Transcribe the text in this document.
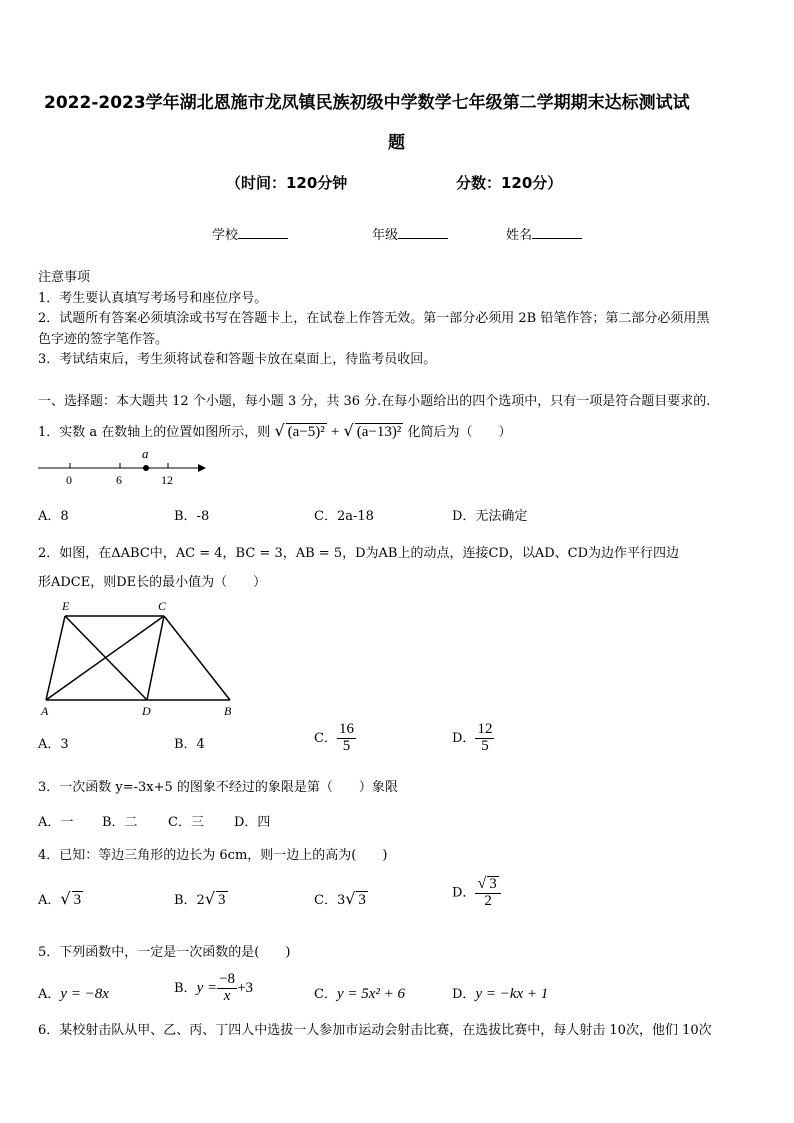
2022-2023学年湖北恩施市龙凤镇民族初级中学数学七年级第二学期期末达标测试试
题
（时间：120分钟	分数：120分）
学校	年级	姓名
注意事项
1．考生要认真填写考场号和座位序号。
2．试题所有答案必须填涂或书写在答题卡上，在试卷上作答无效。第一部分必须用 2B 铅笔作答；第二部分必须用黑
色字迹的签字笔作答。
3．考试结束后，考生须将试卷和答题卡放在桌面上，待监考员收回。
一、选择题：本大题共 12 个小题，每小题 3 分，共 36 分.在每小题给出的四个选项中，只有一项是符合题目要求的.
1．实数 a 在数轴上的位置如图所示，则 √ (a−5)² + √ (a−13)² 化简后为（　　）
a
0	6	12
A．8	B．-8	C．2a-18	D．无法确定
2．如图，在ΔABC中，AC = 4，BC = 3，AB = 5，D为AB上的动点，连接CD，以AD、CD为边作平行四边
形ADCE，则DE长的最小值为（　　）
E	C
A	D	B
A．3	B．4	C． $\frac{16}{5}$	D． $\frac{12}{5}$
3．一次函数 y=-3x+5 的图象不经过的象限是第（　　）象限
A．一 B．二 C．三 D．四
4．已知：等边三角形的边长为 6cm，则一边上的高为(　　)
A．√ 3	B．2√ 3	C．3√ 3	D． $\frac{√ 3}{2}$
5．下列函数中，一定是一次函数的是(　　)
A．y = −8x	B．$y = \frac{-8}{x} +3$	C．y = 5x² + 6	D．y = −kx + 1
6．某校射击队从甲、乙、丙、丁四人中选拔一人参加市运动会射击比赛，在选拔比赛中，每人射击 10次，他们 10次
